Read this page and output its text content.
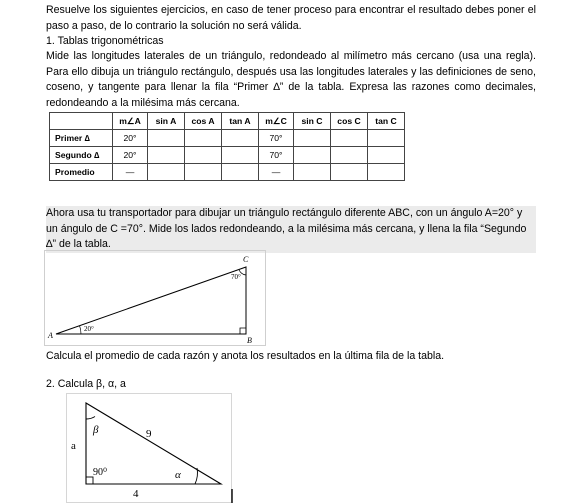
Resuelve los siguientes ejercicios, en caso de tener proceso para encontrar el resultado debes poner el paso a paso, de lo contrario la solución no será válida.

1. Tablas trigonométricas

Mide las longitudes laterales de un triángulo, redondeado al milímetro más cercano (usa una regla). Para ello dibuja un triángulo rectángulo, después usa las longitudes laterales y las definiciones de seno, coseno, y tangente para llenar la fila “Primer ∆” de la tabla. Expresa las razones como decimales, redondeando a la milésima más cercana.

	m∠A	sin A	cos A	tan A	m∠C	sin C	cos C	tan C
Primer ∆	20°				70°			
Segundo ∆	20°				70°			
Promedio	—				—			

Ahora usa tu transportador para dibujar un triángulo rectángulo diferente ABC, con un ángulo A=20° y un ángulo de C =70°. Mide los lados redondeando, a la milésima más cercana, y llena la fila “Segundo ∆” de la tabla.

A
B
C
20°
70°

Calcula el promedio de cada razón y anota los resultados en la última fila de la tabla.

2. Calcula β, α, a

a
9
4
β
α
90⁰
